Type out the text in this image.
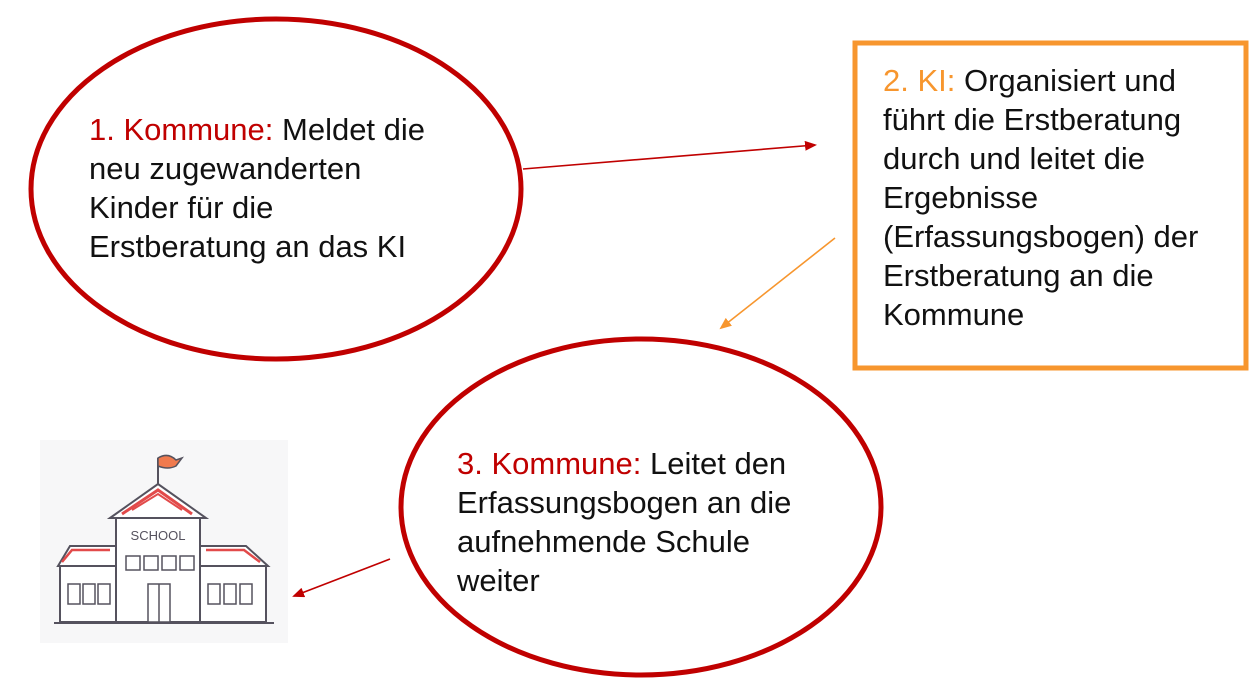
1. Kommune: Meldet die neu zugewanderten Kinder für die Erstberatung an das KI

2. KI: Organisiert und führt die Erstberatung durch und leitet die Ergebnisse (Erfassungsbogen) der Erstberatung an die Kommune

3. Kommune: Leitet den Erfassungsbogen an die aufnehmende Schule weiter

SCHOOL
